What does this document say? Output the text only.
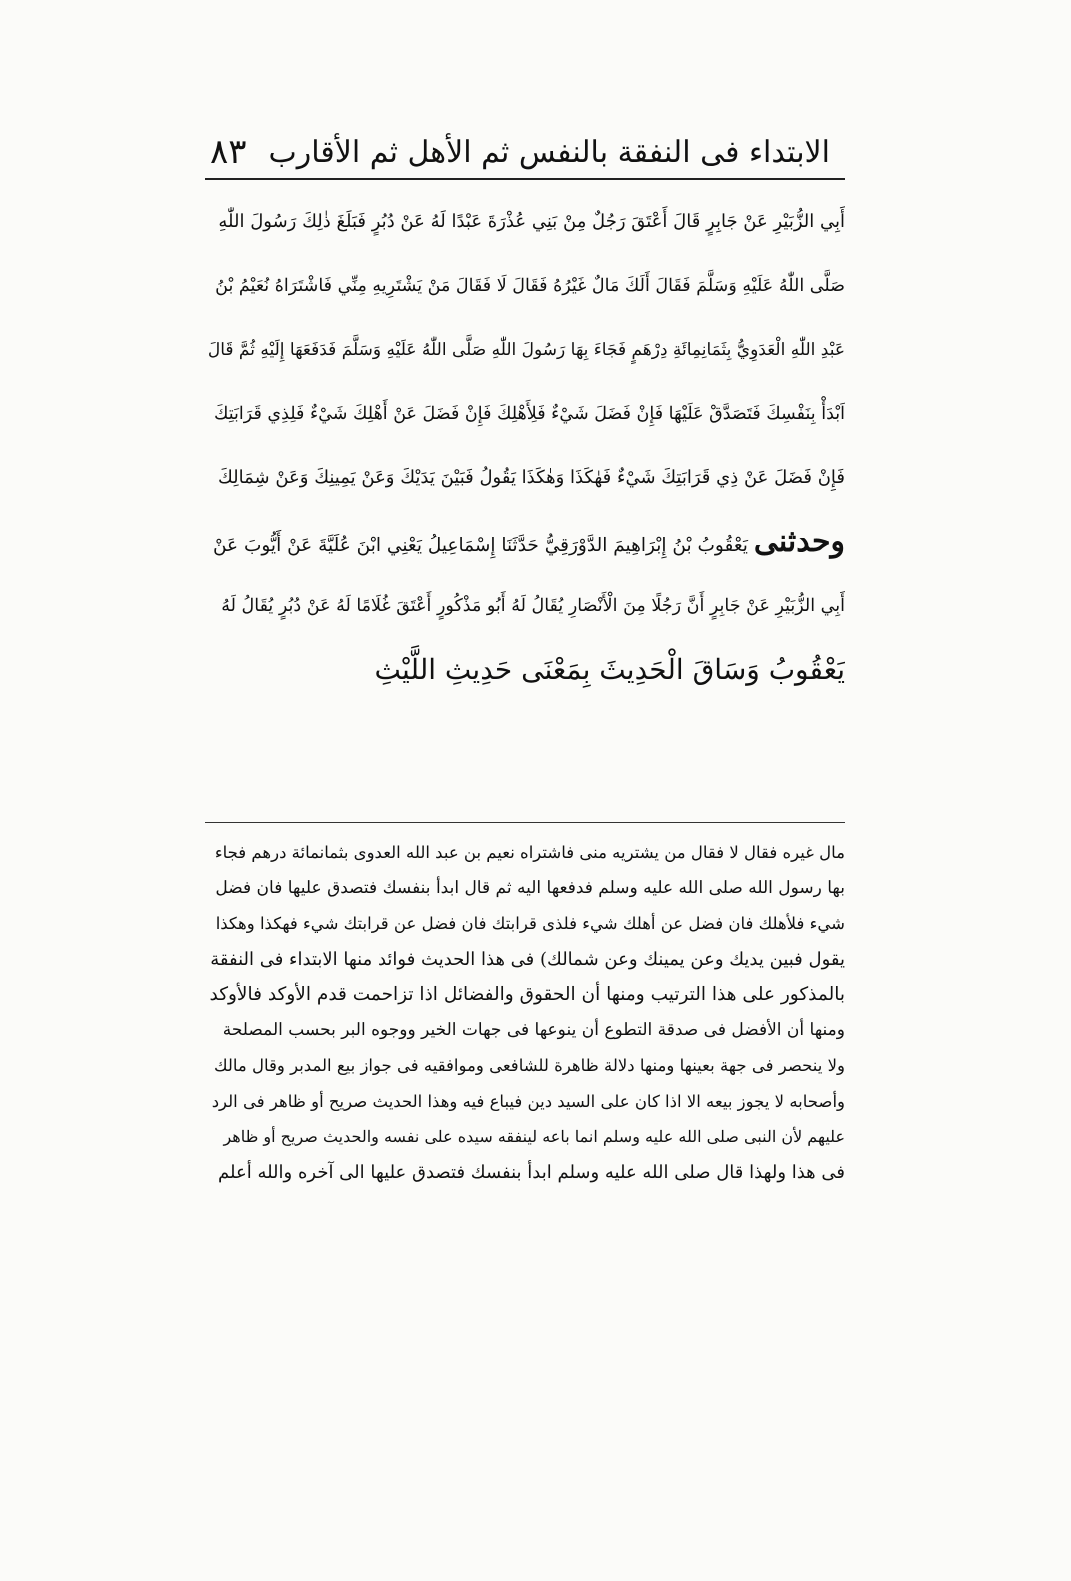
٨٣ الابتداء فى النفقة بالنفس ثم الأهل ثم الأقارب
أَبِي الزُّبَيْرِ عَنْ جَابِرٍ قَالَ أَعْتَقَ رَجُلٌ مِنْ بَنِي عُذْرَةَ عَبْدًا لَهُ عَنْ دُبُرٍ فَبَلَغَ ذٰلِكَ رَسُولَ اللّٰهِ
صَلَّى اللّٰهُ عَلَيْهِ وَسَلَّمَ فَقَالَ أَلَكَ مَالٌ غَيْرُهُ فَقَالَ لَا فَقَالَ مَنْ يَشْتَرِيهِ مِنِّي فَاشْتَرَاهُ نُعَيْمُ بْنُ
عَبْدِ اللّٰهِ الْعَدَوِيُّ بِثَمَانِمِائَةِ دِرْهَمٍ فَجَاءَ بِهَا رَسُولَ اللّٰهِ صَلَّى اللّٰهُ عَلَيْهِ وَسَلَّمَ فَدَفَعَهَا إِلَيْهِ ثُمَّ قَالَ
اَبْدَأْ بِنَفْسِكَ فَتَصَدَّقْ عَلَيْهَا فَإِنْ فَضَلَ شَيْءٌ فَلِأَهْلِكَ فَإِنْ فَضَلَ عَنْ أَهْلِكَ شَيْءٌ فَلِذِي قَرَابَتِكَ
فَإِنْ فَضَلَ عَنْ ذِي قَرَابَتِكَ شَيْءٌ فَهٰكَذَا وَهٰكَذَا يَقُولُ فَبَيْنَ يَدَيْكَ وَعَنْ يَمِينِكَ وَعَنْ شِمَالِكَ
وحدثنى يَعْقُوبُ بْنُ إِبْرَاهِيمَ الدَّوْرَقِيُّ حَدَّثَنَا إِسْمَاعِيلُ يَعْنِي ابْنَ عُلَيَّةَ عَنْ أَيُّوبَ عَنْ
أَبِي الزُّبَيْرِ عَنْ جَابِرٍ أَنَّ رَجُلًا مِنَ الْأَنْصَارِ يُقَالُ لَهُ أَبُو مَذْكُورٍ أَعْتَقَ غُلَامًا لَهُ عَنْ دُبُرٍ يُقَالُ لَهُ
يَعْقُوبُ وَسَاقَ الْحَدِيثَ بِمَعْنَى حَدِيثِ اللَّيْثِ
مال غيره فقال لا فقال من يشتريه منى فاشتراه نعيم بن عبد الله العدوى بثمانمائة درهم فجاء
بها رسول الله صلى الله عليه وسلم فدفعها اليه ثم قال ابدأ بنفسك فتصدق عليها فان فضل
شيء فلأهلك فان فضل عن أهلك شيء فلذى قرابتك فان فضل عن قرابتك شيء فهكذا وهكذا
يقول فبين يديك وعن يمينك وعن شمالك) فى هذا الحديث فوائد منها الابتداء فى النفقة
بالمذكور على هذا الترتيب ومنها أن الحقوق والفضائل اذا تزاحمت قدم الأوكد فالأوكد
ومنها أن الأفضل فى صدقة التطوع أن ينوعها فى جهات الخير ووجوه البر بحسب المصلحة
ولا ينحصر فى جهة بعينها ومنها دلالة ظاهرة للشافعى وموافقيه فى جواز بيع المدبر وقال مالك
وأصحابه لا يجوز بيعه الا اذا كان على السيد دين فيباع فيه وهذا الحديث صريح أو ظاهر فى الرد
عليهم لأن النبى صلى الله عليه وسلم انما باعه لينفقه سيده على نفسه والحديث صريح أو ظاهر
فى هذا ولهذا قال صلى الله عليه وسلم ابدأ بنفسك فتصدق عليها الى آخره والله أعلم
